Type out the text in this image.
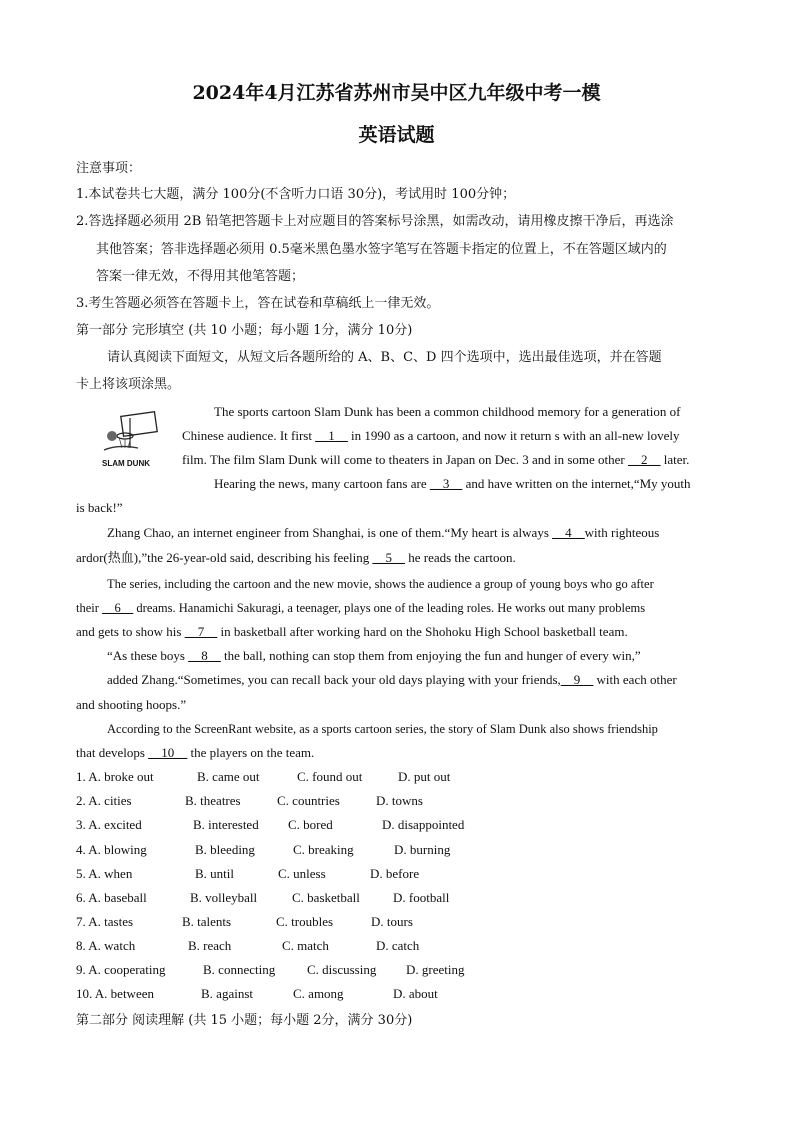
2024年4月江苏省苏州市吴中区九年级中考一模
英语试题
注意事项：
1.本试卷共七大题，满分 100分(不含听力口语 30分)，考试用时 100分钟；
2.答选择题必须用 2B 铅笔把答题卡上对应题目的答案标号涂黑，如需改动，请用橡皮擦干净后，再选涂
其他答案；答非选择题必须用 0.5毫米黑色墨水签字笔写在答题卡指定的位置上，不在答题区域内的
答案一律无效，不得用其他笔答题；
3.考生答题必须答在答题卡上，答在试卷和草稿纸上一律无效。
第一部分 完形填空 (共 10 小题；每小题 1分，满分 10分)
请认真阅读下面短文，从短文后各题所给的 A、B、C、D 四个选项中，选出最佳选项，并在答题
卡上将该项涂黑。
SLAM DUNK
The sports cartoon Slam Dunk has been a common childhood memory for a generation of
Chinese audience. It first __1__ in 1990 as a cartoon, and now it return s with an all-new lovely
film. The film Slam Dunk will come to theaters in Japan on Dec. 3 and in some other __2__ later.
Hearing the news, many cartoon fans are __3__ and have written on the internet,“My youth
is back!”
Zhang Chao, an internet engineer from Shanghai, is one of them.“My heart is always __4__with righteous
ardor(热血),”the 26-year-old said, describing his feeling __5__ he reads the cartoon.
The series, including the cartoon and the new movie, shows the audience a group of young boys who go after
their __6__ dreams. Hanamichi Sakuragi, a teenager, plays one of the leading roles. He works out many problems
and gets to show his __7__ in basketball after working hard on the Shohoku High School basketball team.
“As these boys __8__ the ball, nothing can stop them from enjoying the fun and hunger of every win,”
added Zhang.“Sometimes, you can recall back your old days playing with your friends,__9__ with each other
and shooting hoops.”
According to the ScreenRant website, as a sports cartoon series, the story of Slam Dunk also shows friendship
that develops __10__ the players on the team.
1. A. broke out	B. came out	C. found out	D. put out
2. A. cities	B. theatres	C. countries	D. towns
3. A. excited	B. interested C. bored	D. disappointed
4. A. blowing	B. bleeding	C. breaking	D. burning
5. A. when	B. until	C. unless	D. before
6. A. baseball	B. volleyball	C. basketball	D. football
7. A. tastes	B. talents	C. troubles	D. tours
8. A. watch	B. reach	C. match	D. catch
9. A. cooperating	B. connecting C. discussing D. greeting
10. A. between	B. against	C. among	D. about
第二部分 阅读理解 (共 15 小题；每小题 2分，满分 30分)
